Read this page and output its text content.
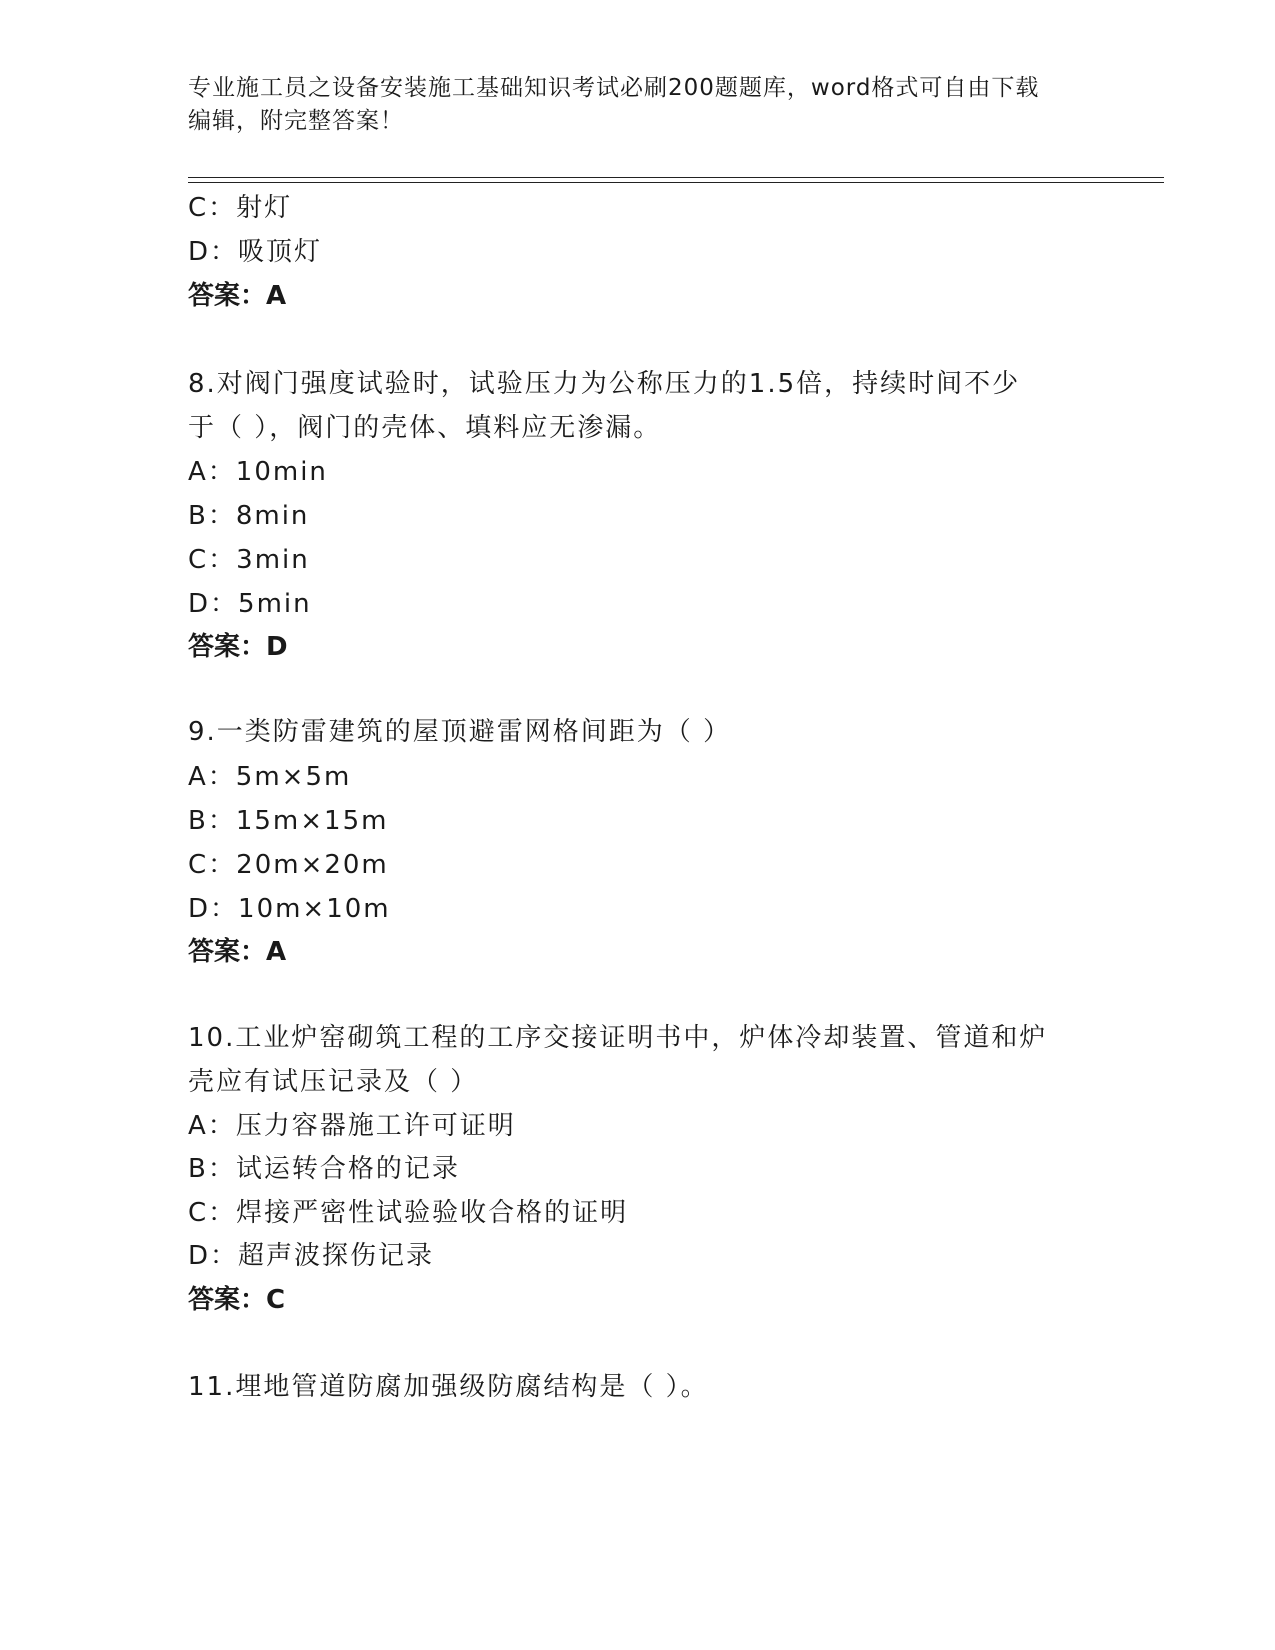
专业施工员之设备安装施工基础知识考试必刷200题题库，word格式可自由下载
编辑，附完整答案！
C：射灯
D：吸顶灯
答案：A
8.对阀门强度试验时，试验压力为公称压力的1.5倍，持续时间不少
于（ ），阀门的壳体、填料应无渗漏。
A：10min
B：8min
C：3min
D：5min
答案：D
9.一类防雷建筑的屋顶避雷网格间距为（ ）
A：5m×5m
B：15m×15m
C：20m×20m
D：10m×10m
答案：A
10.工业炉窑砌筑工程的工序交接证明书中，炉体冷却装置、管道和炉
壳应有试压记录及（ ）
A：压力容器施工许可证明
B：试运转合格的记录
C：焊接严密性试验验收合格的证明
D：超声波探伤记录
答案：C
11.埋地管道防腐加强级防腐结构是（ ）。
